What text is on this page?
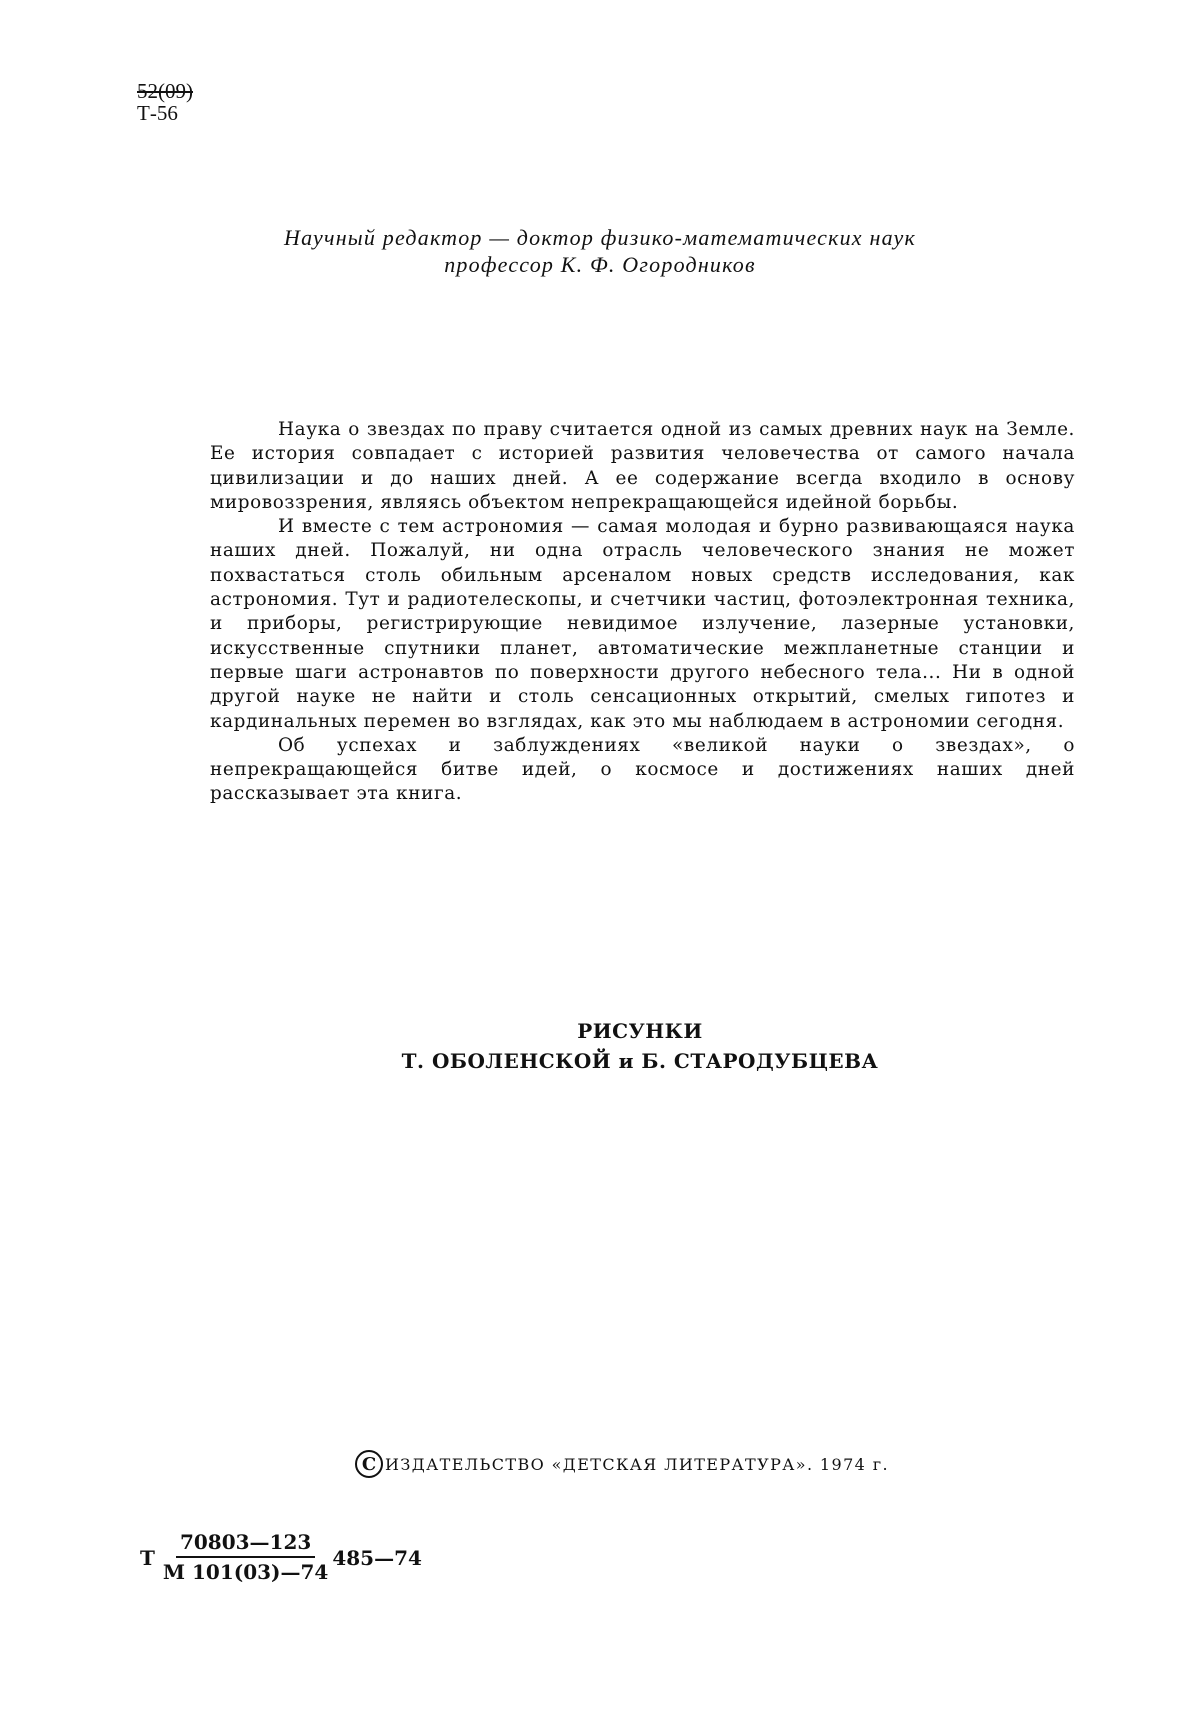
52(09)
Т-56
Научный редактор — доктор физико-математических наук
профессор К. Ф. Огородников

Наука о звездах по праву считается одной из самых древних наук на Земле. Ее история совпадает с историей развития человечества от самого начала цивилизации и до наших дней. А ее содержание всегда входило в основу мировоззрения, являясь объектом непрекращающейся идейной борьбы.

И вместе с тем астрономия — самая молодая и бурно развивающаяся наука наших дней. Пожалуй, ни одна отрасль человеческого знания не может похвастаться столь обильным арсеналом новых средств исследования, как астрономия. Тут и радиотелескопы, и счетчики частиц, фотоэлектронная техника, и приборы, регистрирующие невидимое излучение, лазерные установки, искусственные спутники планет, автоматические межпланетные станции и первые шаги астронавтов по поверхности другого небесного тела... Ни в одной другой науке не найти и столь сенсационных открытий, смелых гипотез и кардинальных перемен во взглядах, как это мы наблюдаем в астрономии сегодня.

Об успехах и заблуждениях «великой науки о звездах», о непрекращающейся битве идей, о космосе и достижениях наших дней рассказывает эта книга.

РИСУНКИ
Т. ОБОЛЕНСКОЙ и Б. СТАРОДУБЦЕВА
С ИЗДАТЕЛЬСТВО «ДЕТСКАЯ ЛИТЕРАТУРА». 1974 г.
Т $\frac{70803—123}{М 101(03)—74}$ 485—74
